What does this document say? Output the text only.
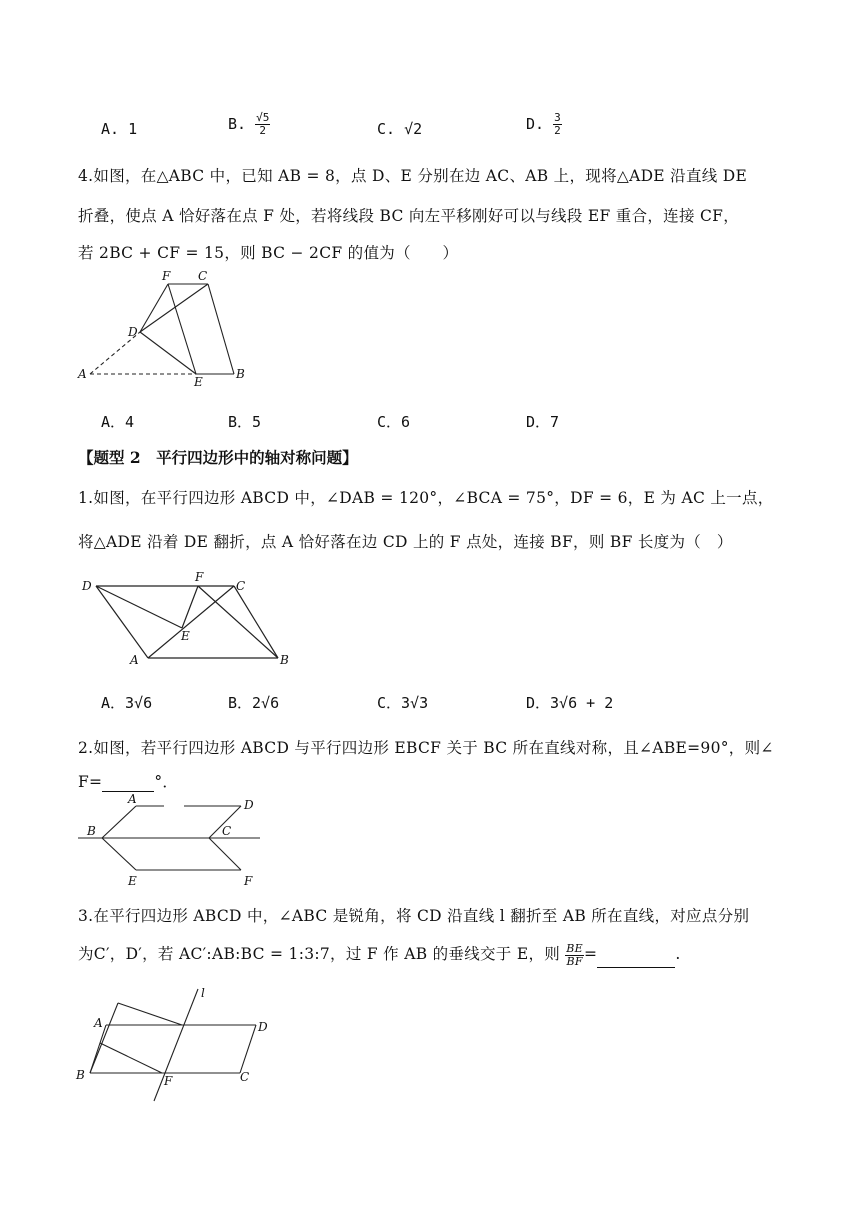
A. 1	B. $\frac{√5}{2}$	C. √2	D. $\frac{3}{2}$
4.如图，在△ABC 中，已知 AB = 8，点 D、E 分别在边 AC、AB 上，现将△ADE 沿直线 DE
折叠，使点 A 恰好落在点 F 处，若将线段 BC 向左平移刚好可以与线段 EF 重合，连接 CF，
若 2BC + CF = 15，则 BC − 2CF 的值为（　　）
F C
D
A
E
B
A．4	B．5	C．6	D．7
【题型 2　平行四边形中的轴对称问题】
1.如图，在平行四边形 ABCD 中，∠DAB = 120°，∠BCA = 75°，DF = 6，E 为 AC 上一点，
将△ADE 沿着 DE 翻折，点 A 恰好落在边 CD 上的 F 点处，连接 BF，则 BF 长度为（　）
D
F
C
E
A	B
A．3√6	B．2√6	C．3√3	D．3√6 + 2
2.如图，若平行四边形 ABCD 与平行四边形 EBCF 关于 BC 所在直线对称，且∠ABE=90°，则∠
F=	°．
A	D
B	C
E	F
3.在平行四边形 ABCD 中，∠ABC 是锐角，将 CD 沿直线 l 翻折至 AB 所在直线，对应点分别
为C′，D′，若 AC′:AB:BC = 1:3:7，过 F 作 AB 的垂线交于 E，则 $\frac{BE}{BF}$ =	.
l
A	D
B	F	C
